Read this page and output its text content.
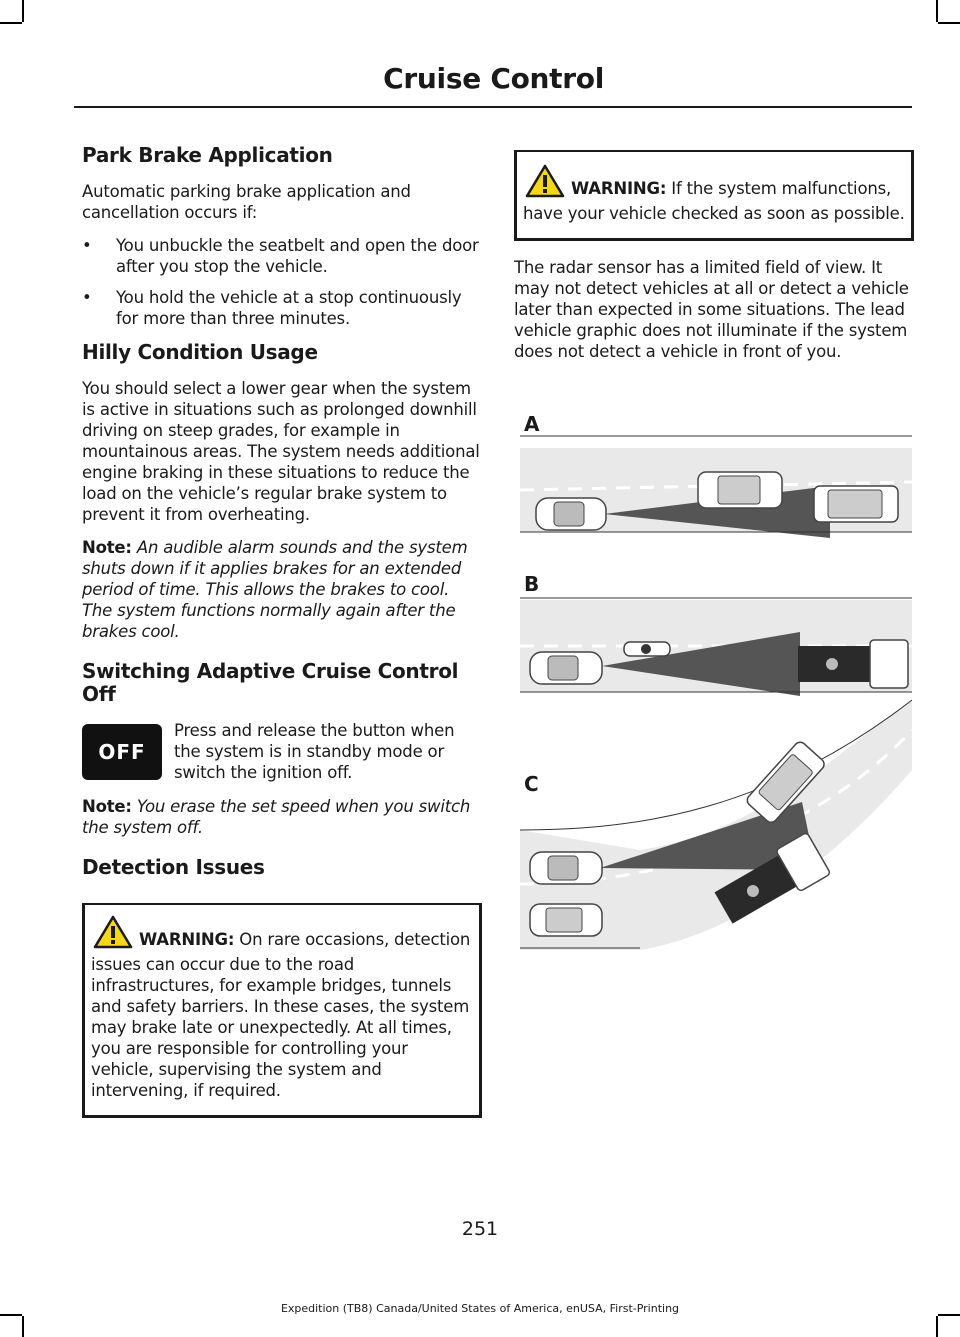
Cruise Control
Park Brake Application

Automatic parking brake application and cancellation occurs if:

• You unbuckle the seatbelt and open the door after you stop the vehicle.
• You hold the vehicle at a stop continuously for more than three minutes.
Hilly Condition Usage

You should select a lower gear when the system is active in situations such as prolonged downhill driving on steep grades, for example in mountainous areas. The system needs additional engine braking in these situations to reduce the load on the vehicle’s regular brake system to prevent it from overheating.

Note: An audible alarm sounds and the system shuts down if it applies brakes for an extended period of time. This allows the brakes to cool. The system functions normally again after the brakes cool.

Switching Adaptive Cruise Control Off
OFF

Press and release the button when the system is in standby mode or switch the ignition off.

Note: You erase the set speed when you switch the system off.

Detection Issues

WARNING: On rare occasions, detection issues can occur due to the road infrastructures, for example bridges, tunnels and safety barriers. In these cases, the system may brake late or unexpectedly. At all times, you are responsible for controlling your vehicle, supervising the system and intervening, if required.

WARNING: If the system malfunctions, have your vehicle checked as soon as possible.

The radar sensor has a limited field of view. It may not detect vehicles at all or detect a vehicle later than expected in some situations. The lead vehicle graphic does not illuminate if the system does not detect a vehicle in front of you.

A
B
C
251
Expedition (TB8) Canada/United States of America, enUSA, First-Printing
